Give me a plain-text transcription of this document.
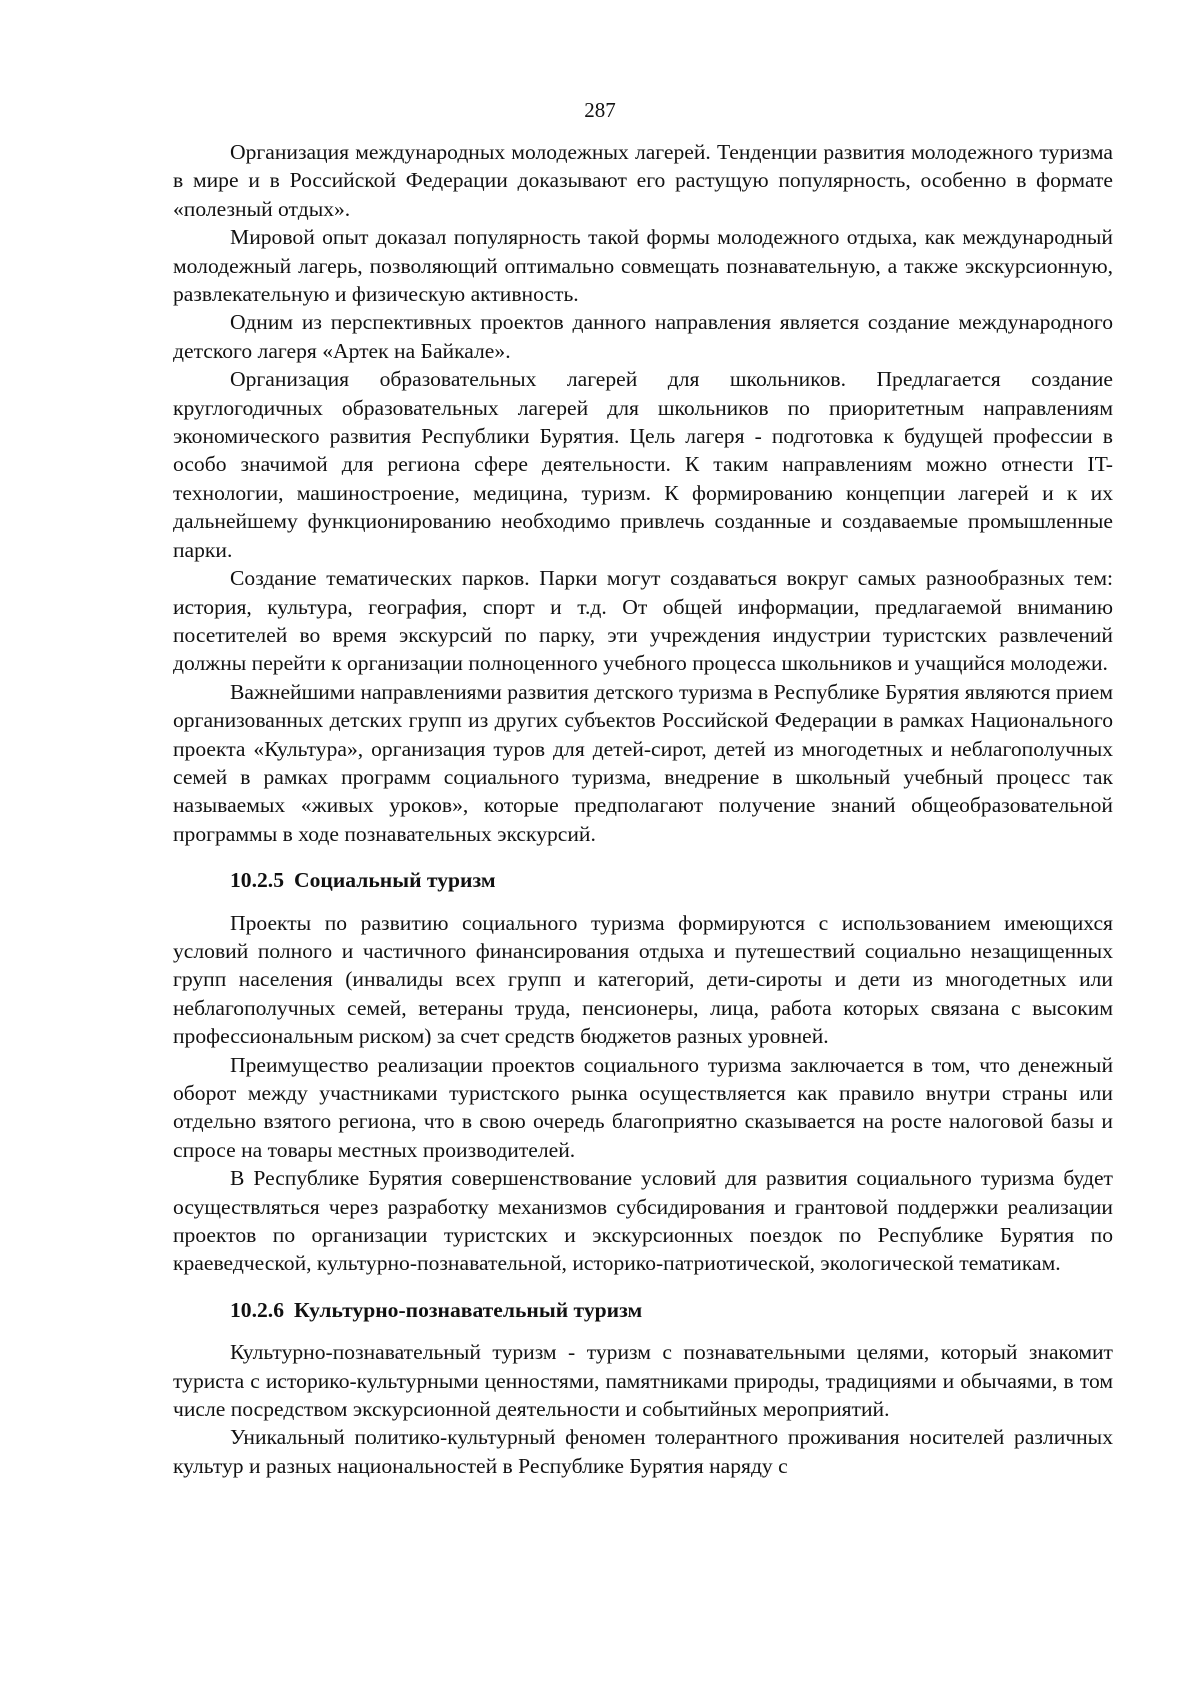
287

Организация международных молодежных лагерей. Тенденции развития молодежного туризма в мире и в Российской Федерации доказывают его растущую популярность, особенно в формате «полезный отдых».

Мировой опыт доказал популярность такой формы молодежного отдыха, как международный молодежный лагерь, позволяющий оптимально совмещать познавательную, а также экскурсионную, развлекательную и физическую активность.

Одним из перспективных проектов данного направления является создание международного детского лагеря «Артек на Байкале».

Организация образовательных лагерей для школьников. Предлагается создание круглогодичных образовательных лагерей для школьников по приоритетным направлениям экономического развития Республики Бурятия. Цель лагеря - подготовка к будущей профессии в особо значимой для региона сфере деятельности. К таким направлениям можно отнести IT-технологии, машиностроение, медицина, туризм. К формированию концепции лагерей и к их дальнейшему функционированию необходимо привлечь созданные и создаваемые промышленные парки.

Создание тематических парков. Парки могут создаваться вокруг самых разнообразных тем: история, культура, география, спорт и т.д. От общей информации, предлагаемой вниманию посетителей во время экскурсий по парку, эти учреждения индустрии туристских развлечений должны перейти к организации полноценного учебного процесса школьников и учащийся молодежи.

Важнейшими направлениями развития детского туризма в Республике Бурятия являются прием организованных детских групп из других субъектов Российской Федерации в рамках Национального проекта «Культура», организация туров для детей-сирот, детей из многодетных и неблагополучных семей в рамках программ социального туризма, внедрение в школьный учебный процесс так называемых «живых уроков», которые предполагают получение знаний общеобразовательной программы в ходе познавательных экскурсий.

10.2.5 Социальный туризм

Проекты по развитию социального туризма формируются с использованием имеющихся условий полного и частичного финансирования отдыха и путешествий социально незащищенных групп населения (инвалиды всех групп и категорий, дети-сироты и дети из многодетных или неблагополучных семей, ветераны труда, пенсионеры, лица, работа которых связана с высоким профессиональным риском) за счет средств бюджетов разных уровней.

Преимущество реализации проектов социального туризма заключается в том, что денежный оборот между участниками туристского рынка осуществляется как правило внутри страны или отдельно взятого региона, что в свою очередь благоприятно сказывается на росте налоговой базы и спросе на товары местных производителей.

В Республике Бурятия совершенствование условий для развития социального туризма будет осуществляться через разработку механизмов субсидирования и грантовой поддержки реализации проектов по организации туристских и экскурсионных поездок по Республике Бурятия по краеведческой, культурно-познавательной, историко-патриотической, экологической тематикам.

10.2.6 Культурно-познавательный туризм

Культурно-познавательный туризм - туризм с познавательными целями, который знакомит туриста с историко-культурными ценностями, памятниками природы, традициями и обычаями, в том числе посредством экскурсионной деятельности и событийных мероприятий.

Уникальный политико-культурный феномен толерантного проживания носителей различных культур и разных национальностей в Республике Бурятия наряду с
